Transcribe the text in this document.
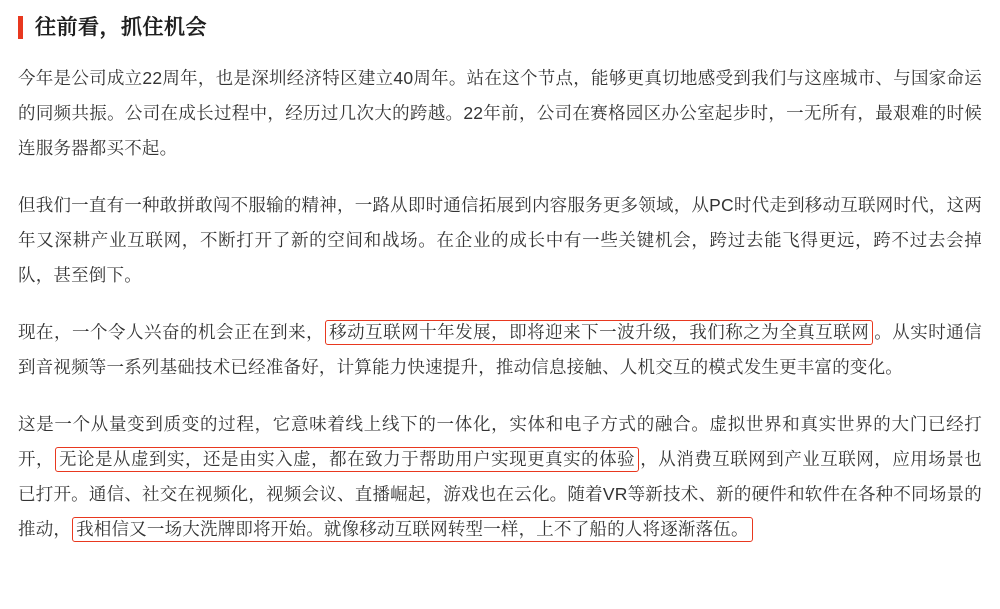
往前看，抓住机会

今年是公司成立22周年，也是深圳经济特区建立40周年。站在这个节点，能够更真切地感受到我们与这座城市、与国家命运的同频共振。公司在成长过程中，经历过几次大的跨越。22年前，公司在赛格园区办公室起步时，一无所有，最艰难的时候连服务器都买不起。

但我们一直有一种敢拼敢闯不服输的精神，一路从即时通信拓展到内容服务更多领域，从PC时代走到移动互联网时代，这两年又深耕产业互联网，不断打开了新的空间和战场。在企业的成长中有一些关键机会，跨过去能飞得更远，跨不过去会掉队，甚至倒下。

现在，一个令人兴奋的机会正在到来， 移动互联网十年发展，即将迎来下一波升级，我们称之为全真互联网 。从实时通信到音视频等一系列基础技术已经准备好，计算能力快速提升，推动信息接触、人机交互的模式发生更丰富的变化。

这是一个从量变到质变的过程，它意味着线上线下的一体化，实体和电子方式的融合。虚拟世界和真实世界的大门已经打开， 无论是从虚到实，还是由实入虚，都在致力于帮助用户实现更真实的体验 ，从消费互联网到产业互联网，应用场景也已打开。通信、社交在视频化，视频会议、直播崛起，游戏也在云化。随着VR等新技术、新的硬件和软件在各种不同场景的推动， 我相信又一场大洗牌即将开始。就像移动互联网转型一样，上不了船的人将逐渐落伍。
